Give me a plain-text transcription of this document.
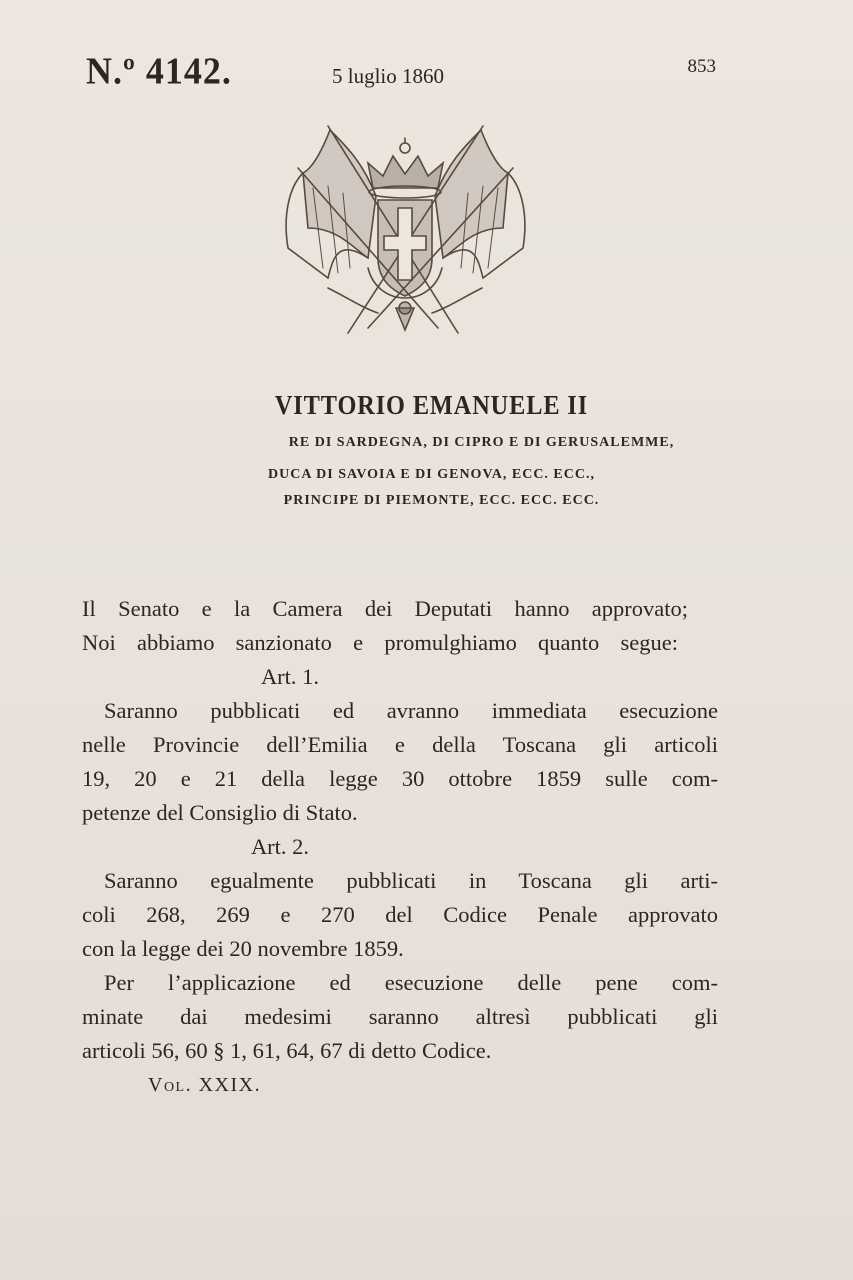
N.º 4142.	5 luglio 1860	853
VITTORIO EMANUELE II
RE DI SARDEGNA, DI CIPRO E DI GERUSALEMME,
DUCA DI SAVOIA E DI GENOVA, ECC. ECC.,
PRINCIPE DI PIEMONTE, ECC. ECC. ECC.
Il Senato e la Camera dei Deputati hanno approvato;
Noi abbiamo sanzionato e promulghiamo quanto segue:
Art. 1.
Saranno pubblicati ed avranno immediata esecuzione
nelle Provincie dell’Emilia e della Toscana gli articoli
19, 20 e 21 della legge 30 ottobre 1859 sulle com-
petenze del Consiglio di Stato.
Art. 2.
Saranno egualmente pubblicati in Toscana gli arti-
coli 268, 269 e 270 del Codice Penale approvato
con la legge dei 20 novembre 1859.
Per l’applicazione ed esecuzione delle pene com-
minate dai medesimi saranno altresì pubblicati gli
articoli 56, 60 § 1, 61, 64, 67 di detto Codice.
Vol. XXIX.
